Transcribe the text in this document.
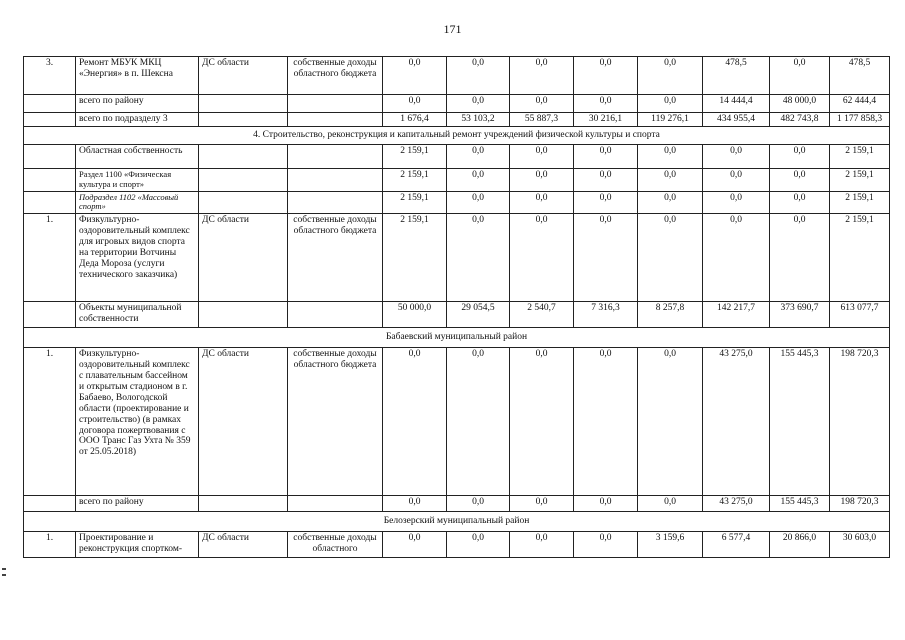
171
3.	Ремонт МБУК МКЦ «Энергия» в п. Шексна	ДС области	собственные доходы областного бюджета	0,0	0,0	0,0	0,0	0,0	478,5	0,0	478,5
	всего по району			0,0	0,0	0,0	0,0	0,0	14 444,4	48 000,0	62 444,4
	всего по подразделу 3			1 676,4	53 103,2	55 887,3	30 216,1	119 276,1	434 955,4	482 743,8	1 177 858,3
4. Строительство, реконструкция и капитальный ремонт учреждений физической культуры и спорта											
	Областная собственность			2 159,1	0,0	0,0	0,0	0,0	0,0	0,0	2 159,1
	Раздел 1100 «Физическая культура и спорт»			2 159,1	0,0	0,0	0,0	0,0	0,0	0,0	2 159,1
	Подраздел 1102 «Массовый спорт»			2 159,1	0,0	0,0	0,0	0,0	0,0	0,0	2 159,1
1.	Физкультурно-оздоровительный комплекс для игровых видов спорта на территории Вотчины Деда Мороза (услуги технического заказчика)	ДС области	собственные доходы областного бюджета	2 159,1	0,0	0,0	0,0	0,0	0,0	0,0	2 159,1
	Объекты муниципальной собственности			50 000,0	29 054,5	2 540,7	7 316,3	8 257,8	142 217,7	373 690,7	613 077,7
Бабаевский муниципальный район											
1.	Физкультурно-оздоровительный комплекс с плавательным бассейном и открытым стадионом в г. Бабаево, Вологодской области (проектирование и строительство) (в рамках договора пожертвования с ООО Транс Газ Ухта № 359 от 25.05.2018)	ДС области	собственные доходы областного бюджета	0,0	0,0	0,0	0,0	0,0	43 275,0	155 445,3	198 720,3
	всего по району			0,0	0,0	0,0	0,0	0,0	43 275,0	155 445,3	198 720,3
Белозерский муниципальный район											
1.	Проектирование и реконструкция спортком-	ДС области	собственные доходы областного	0,0	0,0	0,0	0,0	3 159,6	6 577,4	20 866,0	30 603,0
